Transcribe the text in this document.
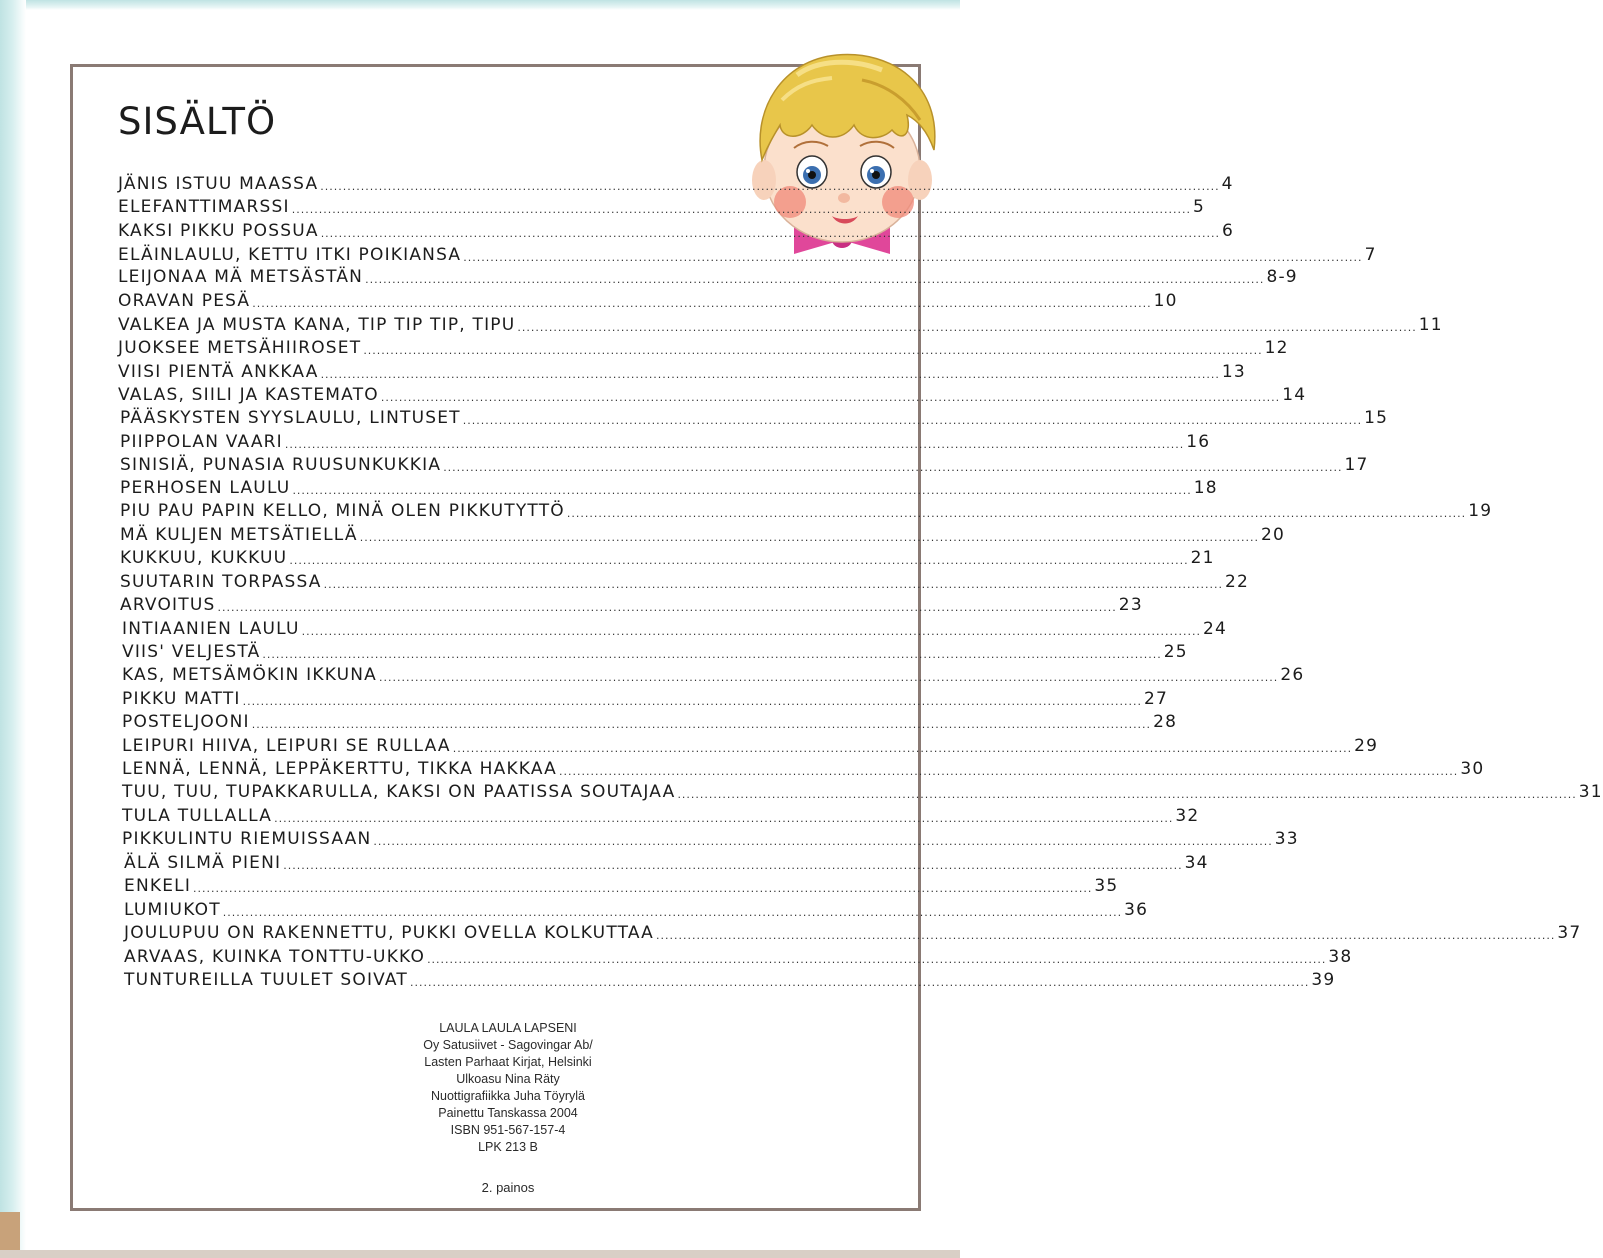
SISÄLTÖ
JÄNIS ISTUU MAASSA ........................................................................................................................................................................................................ 4
ELEFANTTIMARSSI ........................................................................................................................................................................................................ 5
KAKSI PIKKU POSSUA ........................................................................................................................................................................................................ 6
ELÄINLAULU, KETTU ITKI POIKIANSA ........................................................................................................................................................................................................ 7
LEIJONAA MÄ METSÄSTÄN ........................................................................................................................................................................................................ 8-9
ORAVAN PESÄ ........................................................................................................................................................................................................ 10
VALKEA JA MUSTA KANA, TIP TIP TIP, TIPU ........................................................................................................................................................................................................ 11
JUOKSEE METSÄHIIROSET ........................................................................................................................................................................................................ 12
VIISI PIENTÄ ANKKAA ........................................................................................................................................................................................................ 13
VALAS, SIILI JA KASTEMATO ........................................................................................................................................................................................................ 14
PÄÄSKYSTEN SYYSLAULU, LINTUSET ........................................................................................................................................................................................................ 15
PIIPPOLAN VAARI ........................................................................................................................................................................................................ 16
SINISIÄ, PUNASIA RUUSUNKUKKIA ........................................................................................................................................................................................................ 17
PERHOSEN LAULU ........................................................................................................................................................................................................ 18
PIU PAU PAPIN KELLO, MINÄ OLEN PIKKUTYTTÖ ........................................................................................................................................................................................................ 19
MÄ KULJEN METSÄTIELLÄ ........................................................................................................................................................................................................ 20
KUKKUU, KUKKUU ........................................................................................................................................................................................................ 21
SUUTARIN TORPASSA ........................................................................................................................................................................................................ 22
ARVOITUS ........................................................................................................................................................................................................ 23
INTIAANIEN LAULU ........................................................................................................................................................................................................ 24
VIIS' VELJESTÄ ........................................................................................................................................................................................................ 25
KAS, METSÄMÖKIN IKKUNA ........................................................................................................................................................................................................ 26
PIKKU MATTI ........................................................................................................................................................................................................ 27
POSTELJOONI ........................................................................................................................................................................................................ 28
LEIPURI HIIVA, LEIPURI SE RULLAA ........................................................................................................................................................................................................ 29
LENNÄ, LENNÄ, LEPPÄKERTTU, TIKKA HAKKAA ........................................................................................................................................................................................................ 30
TUU, TUU, TUPAKKARULLA, KAKSI ON PAATISSA SOUTAJAA ........................................................................................................................................................................................................ 31
TULA TULLALLA ........................................................................................................................................................................................................ 32
PIKKULINTU RIEMUISSAAN ........................................................................................................................................................................................................ 33
ÄLÄ SILMÄ PIENI ........................................................................................................................................................................................................ 34
ENKELI ........................................................................................................................................................................................................ 35
LUMIUKOT ........................................................................................................................................................................................................ 36
JOULUPUU ON RAKENNETTU, PUKKI OVELLA KOLKUTTAA ........................................................................................................................................................................................................ 37
ARVAAS, KUINKA TONTTU-UKKO ........................................................................................................................................................................................................ 38
TUNTUREILLA TUULET SOIVAT ........................................................................................................................................................................................................ 39
LAULA LAULA LAPSENI
Oy Satusiivet - Sagovingar Ab/
Lasten Parhaat Kirjat, Helsinki
Ulkoasu Nina Räty
Nuottigrafiikka Juha Töyrylä
Painettu Tanskassa 2004
ISBN 951-567-157-4
LPK 213 B
2. painos
